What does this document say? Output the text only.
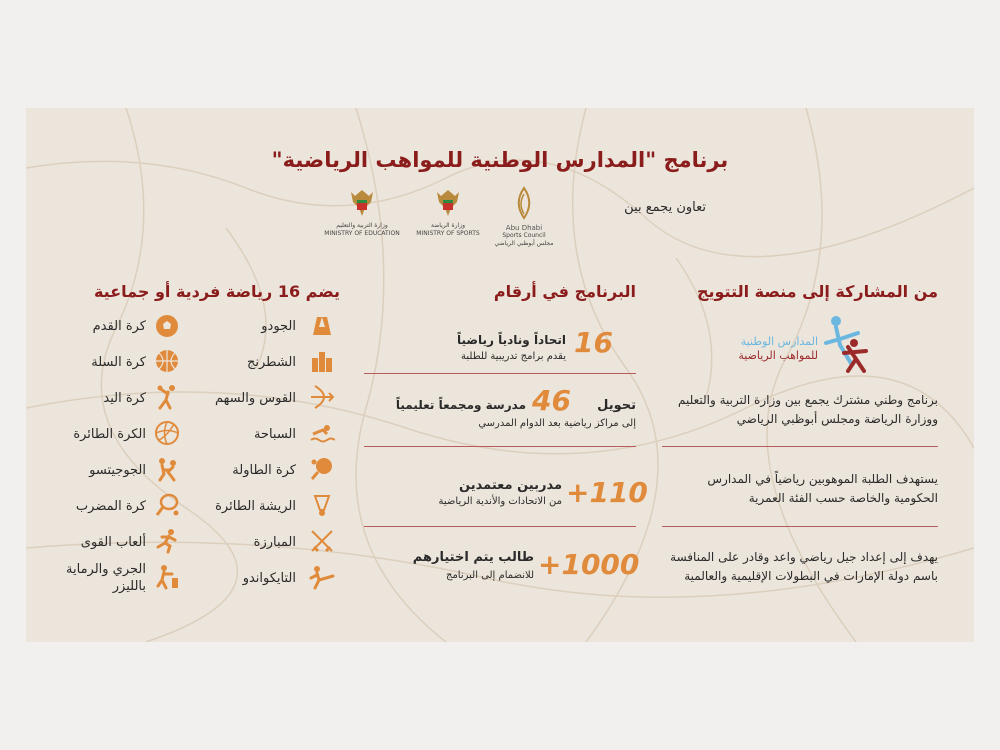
برنامج "المدارس الوطنية للمواهب الرياضية"
تعاون يجمع بين
Abu Dhabi
Sports Council
مجلس أبوظبي الرياضي
وزارة الرياضة
MINISTRY OF SPORTS
وزارة التربية والتعليم
MINISTRY OF EDUCATION
من المشاركة إلى منصة التتويج
البرنامج في أرقام
يضم 16 رياضة فردية أو جماعية
المدارس الوطنية
للمواهب الرياضية
برنامج وطني مشترك يجمع بين وزارة التربية والتعليم
ووزارة الرياضة ومجلس أبوظبي الرياضي
يستهدف الطلبة الموهوبين رياضياً في المدارس
الحكومية والخاصة حسب الفئة العمرية
يهدف إلى إعداد جيل رياضي واعد وقادر على المنافسة
باسم دولة الإمارات في البطولات الإقليمية والعالمية
16
اتحاداً ونادياً رياضياً
يقدم برامج تدريبية للطلبة
تحويل
46
مدرسة ومجمعاً تعليمياً
إلى مراكز رياضية بعد الدوام المدرسي
+110
مدربين معتمدين
من الاتحادات والأندية الرياضية
+1000
طالب يتم اختيارهم
للانضمام إلى البرنامج
الجودو
الشطرنج
القوس والسهم
السباحة
كرة الطاولة
الريشة الطائرة
المبارزة
التايكواندو
كرة القدم
كرة السلة
كرة اليد
الكرة الطائرة
الجوجيتسو
كرة المضرب
ألعاب القوى
الجري والرماية
بالليزر
